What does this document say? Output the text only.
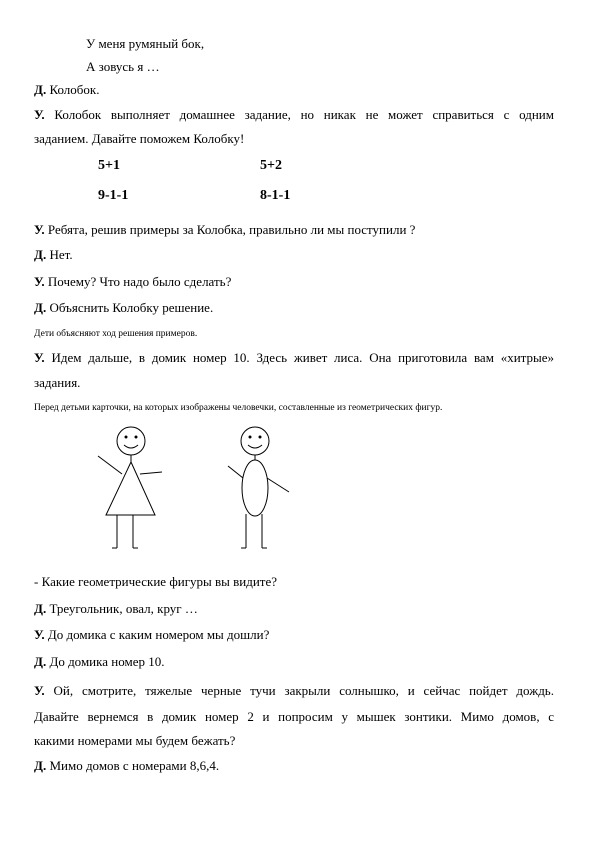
У меня румяный бок,
А зовусь я …
Д. Колобок.
У. Колобок выполняет домашнее задание, но никак не может справиться с одним
заданием. Давайте поможем Колобку!
5+1	5+2
9-1-1	8-1-1
У. Ребята, решив примеры за Колобка, правильно ли мы поступили ?
Д. Нет.
У. Почему? Что надо было сделать?
Д. Объяснить Колобку решение.
Дети объясняют ход решения примеров.
У. Идем дальше, в домик номер 10. Здесь живет лиса. Она приготовила вам «хитрые»
задания.
Перед детьми карточки, на которых изображены человечки, составленные из геометрических фигур.
- Какие геометрические фигуры вы видите?
Д. Треугольник, овал, круг …
У. До домика с каким номером мы дошли?
Д. До домика номер 10.
У. Ой, смотрите, тяжелые черные тучи закрыли солнышко, и сейчас пойдет дождь.
Давайте вернемся в домик номер 2 и попросим у мышек зонтики. Мимо домов, с
какими номерами мы будем бежать?
Д. Мимо домов с номерами 8,6,4.
